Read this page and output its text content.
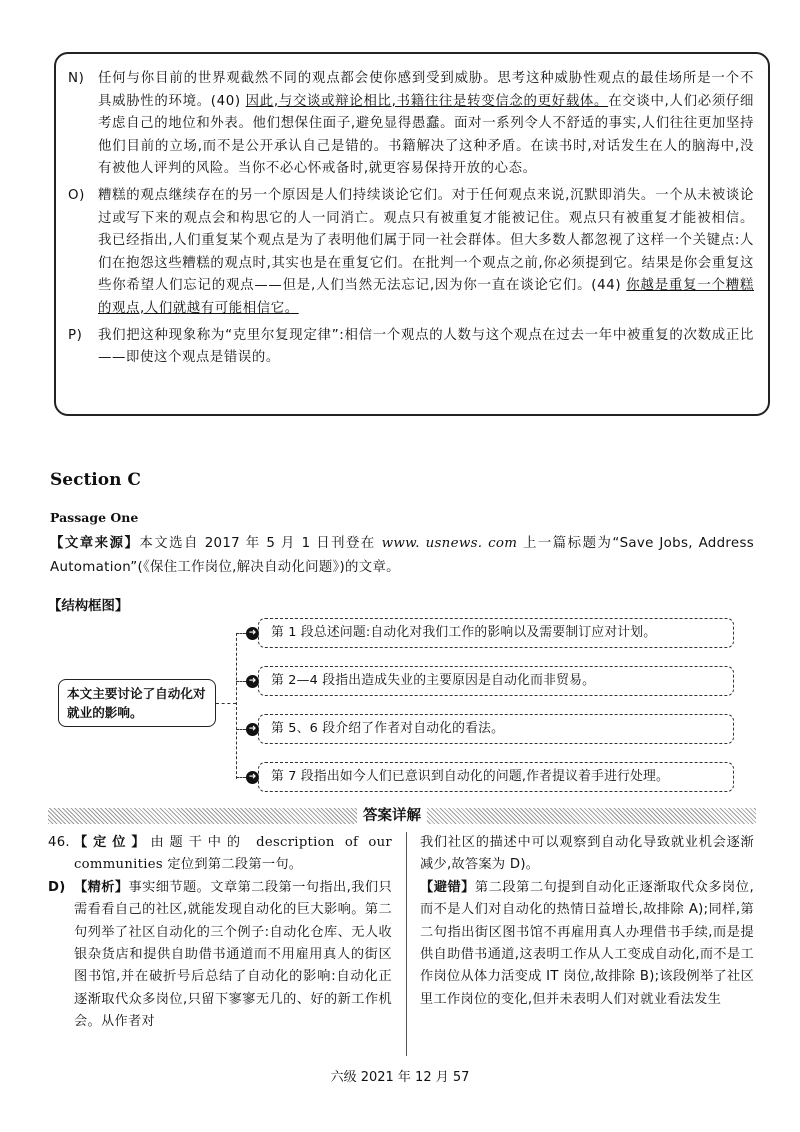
N)	任何与你目前的世界观截然不同的观点都会使你感到受到威胁。思考这种威胁性观点的最佳场所是一个不具威胁性的环境。(40) 因此,与交谈或辩论相比,书籍往往是转变信念的更好载体。在交谈中,人们必须仔细考虑自己的地位和外表。他们想保住面子,避免显得愚蠢。面对一系列令人不舒适的事实,人们往往更加坚持他们目前的立场,而不是公开承认自己是错的。书籍解决了这种矛盾。在读书时,对话发生在人的脑海中,没有被他人评判的风险。当你不必心怀戒备时,就更容易保持开放的心态。
O) 糟糕的观点继续存在的另一个原因是人们持续谈论它们。对于任何观点来说,沉默即消失。一个从未被谈论过或写下来的观点会和构思它的人一同消亡。观点只有被重复才能被记住。观点只有被重复才能被相信。我已经指出,人们重复某个观点是为了表明他们属于同一社会群体。但大多数人都忽视了这样一个关键点:人们在抱怨这些糟糕的观点时,其实也是在重复它们。在批判一个观点之前,你必须提到它。结果是你会重复这些你希望人们忘记的观点——但是,人们当然无法忘记,因为你一直在谈论它们。(44) 你越是重复一个糟糕的观点,人们就越有可能相信它。
P)	我们把这种现象称为“克里尔复现定律”:相信一个观点的人数与这个观点在过去一年中被重复的次数成正比——即使这个观点是错误的。
Section C
Passage One
【文章来源】本文选自 2017 年 5 月 1 日刊登在 www. usnews. com 上一篇标题为“Save Jobs, Address Automation”(《保住工作岗位,解决自动化问题》)的文章。
【结构框图】
本文主要讨论了自动化对就业的影响。
➜	第 1 段总述问题:自动化对我们工作的影响以及需要制订应对计划。
➜	第 2—4 段指出造成失业的主要原因是自动化而非贸易。
➜	第 5、6 段介绍了作者对自动化的看法。
➜	第 7 段指出如今人们已意识到自动化的问题,作者提议着手进行处理。
答案详解
46. 【定位】由题干中的 description of our communities 定位到第二段第一句。
D) 【精析】事实细节题。文章第二段第一句指出,我们只需看看自己的社区,就能发现自动化的巨大影响。第二句列举了社区自动化的三个例子:自动化仓库、无人收银杂货店和提供自助借书通道而不用雇用真人的街区图书馆,并在破折号后总结了自动化的影响:自动化正逐渐取代众多岗位,只留下寥寥无几的、好的新工作机会。从作者对
我们社区的描述中可以观察到自动化导致就业机会逐渐减少,故答案为 D)。
【避错】第二段第二句提到自动化正逐渐取代众多岗位,而不是人们对自动化的热情日益增长,故排除 A);同样,第二句指出街区图书馆不再雇用真人办理借书手续,而是提供自助借书通道,这表明工作从人工变成自动化,而不是工作岗位从体力活变成 IT 岗位,故排除 B);该段例举了社区里工作岗位的变化,但并未表明人们对就业看法发生
六级 2021 年 12 月 57
